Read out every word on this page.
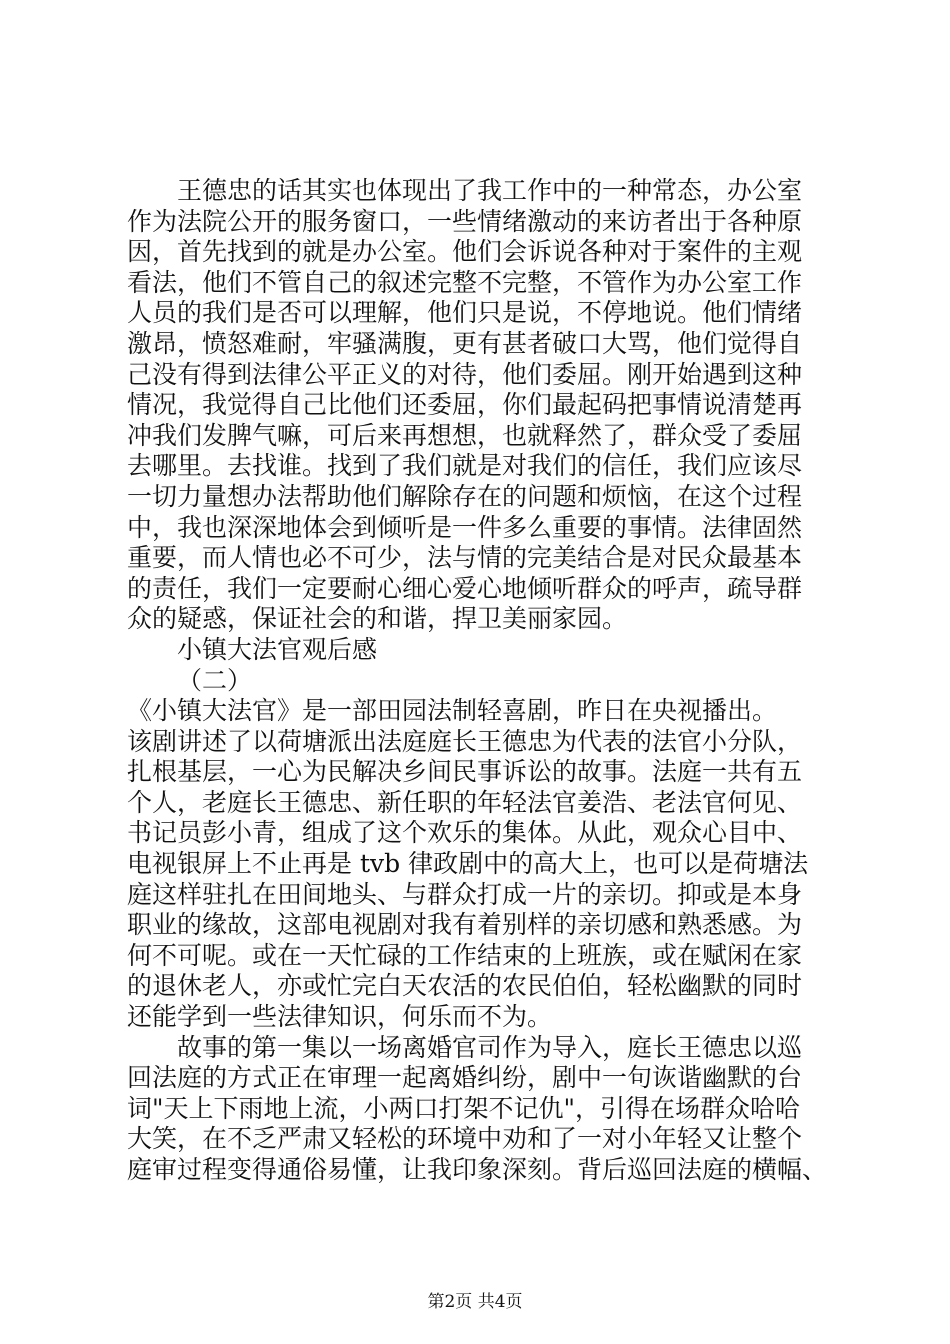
王德忠的话其实也体现出了我工作中的一种常态，办公室
作为法院公开的服务窗口，一些情绪激动的来访者出于各种原
因，首先找到的就是办公室。他们会诉说各种对于案件的主观
看法，他们不管自己的叙述完整不完整，不管作为办公室工作
人员的我们是否可以理解，他们只是说，不停地说。他们情绪
激昂，愤怒难耐，牢骚满腹，更有甚者破口大骂，他们觉得自
己没有得到法律公平正义的对待，他们委屈。刚开始遇到这种
情况，我觉得自己比他们还委屈，你们最起码把事情说清楚再
冲我们发脾气嘛，可后来再想想，也就释然了，群众受了委屈
去哪里。去找谁。找到了我们就是对我们的信任，我们应该尽
一切力量想办法帮助他们解除存在的问题和烦恼，在这个过程
中，我也深深地体会到倾听是一件多么重要的事情。法律固然
重要，而人情也必不可少，法与情的完美结合是对民众最基本
的责任，我们一定要耐心细心爱心地倾听群众的呼声，疏导群
众的疑惑，保证社会的和谐，捍卫美丽家园。
小镇大法官观后感
（二）
《小镇大法官》是一部田园法制轻喜剧，昨日在央视播出。
该剧讲述了以荷塘派出法庭庭长王德忠为代表的法官小分队，
扎根基层，一心为民解决乡间民事诉讼的故事。法庭一共有五
个人，老庭长王德忠、新任职的年轻法官姜浩、老法官何见、
书记员彭小青，组成了这个欢乐的集体。从此，观众心目中、
电视银屏上不止再是 tvb 律政剧中的高大上，也可以是荷塘法
庭这样驻扎在田间地头、与群众打成一片的亲切。抑或是本身
职业的缘故，这部电视剧对我有着别样的亲切感和熟悉感。为
何不可呢。或在一天忙碌的工作结束的上班族，或在赋闲在家
的退休老人，亦或忙完白天农活的农民伯伯，轻松幽默的同时
还能学到一些法律知识，何乐而不为。
故事的第一集以一场离婚官司作为导入，庭长王德忠以巡
回法庭的方式正在审理一起离婚纠纷，剧中一句诙谐幽默的台
词"天上下雨地上流，小两口打架不记仇"，引得在场群众哈哈
大笑，在不乏严肃又轻松的环境中劝和了一对小年轻又让整个
庭审过程变得通俗易懂，让我印象深刻。背后巡回法庭的横幅、
第2页 共4页
